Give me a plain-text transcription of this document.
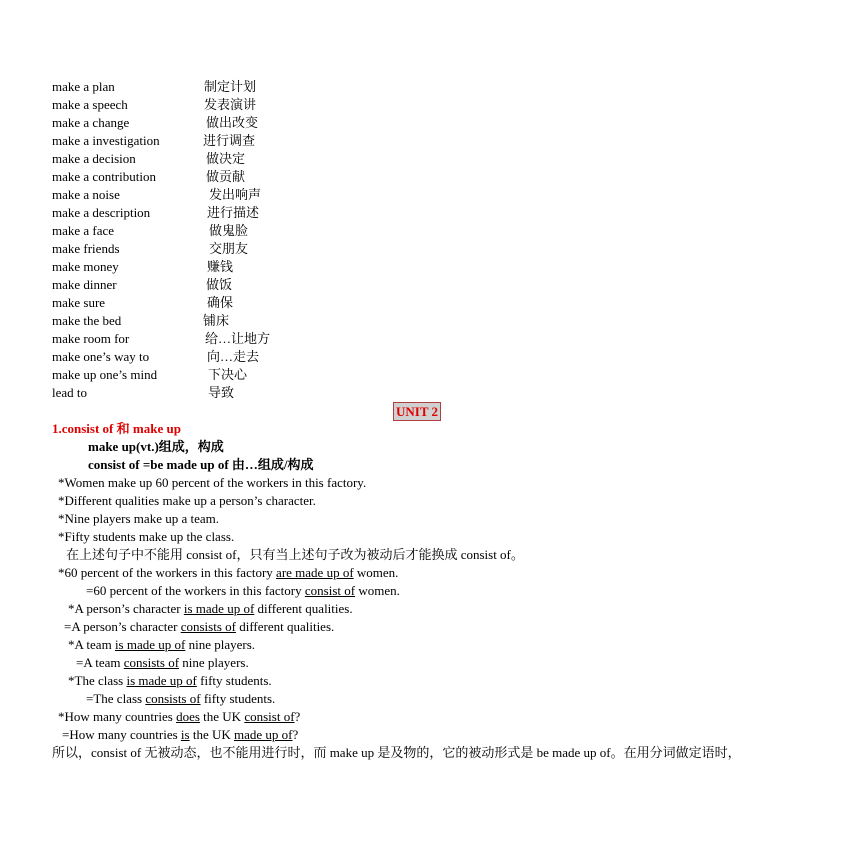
make a plan	制定计划
make a speech	发表演讲
make a change	做出改变
make a investigation	进行调查
make a decision	做决定
make a contribution	做贡献
make a noise	发出响声
make a description	进行描述
make a face	做鬼脸
make friends	交朋友
make money	赚钱
make dinner	做饭
make sure	确保
make the bed	铺床
make room for	给…让地方
make one’s way to	向…走去
make up one’s mind	下决心
lead to	导致
UNIT 2
1.consist of 和 make up
make up(vt.)组成，构成
consist of =be made up of 由…组成/构成
*Women make up 60 percent of the workers in this factory.
*Different qualities make up a person’s character.
*Nine players make up a team.
*Fifty students make up the class.
在上述句子中不能用 consist of，只有当上述句子改为被动后才能换成 consist of。
*60 percent of the workers in this factory are made up of women.
=60 percent of the workers in this factory consist of women.
*A person’s character is made up of different qualities.
=A person’s character consists of different qualities.
*A team is made up of nine players.
=A team consists of nine players.
*The class is made up of fifty students.
=The class consists of fifty students.
*How many countries does the UK consist of?
=How many countries is the UK made up of?
所以，consist of 无被动态，也不能用进行时，而 make up 是及物的，它的被动形式是 be made up of。在用分词做定语时，
